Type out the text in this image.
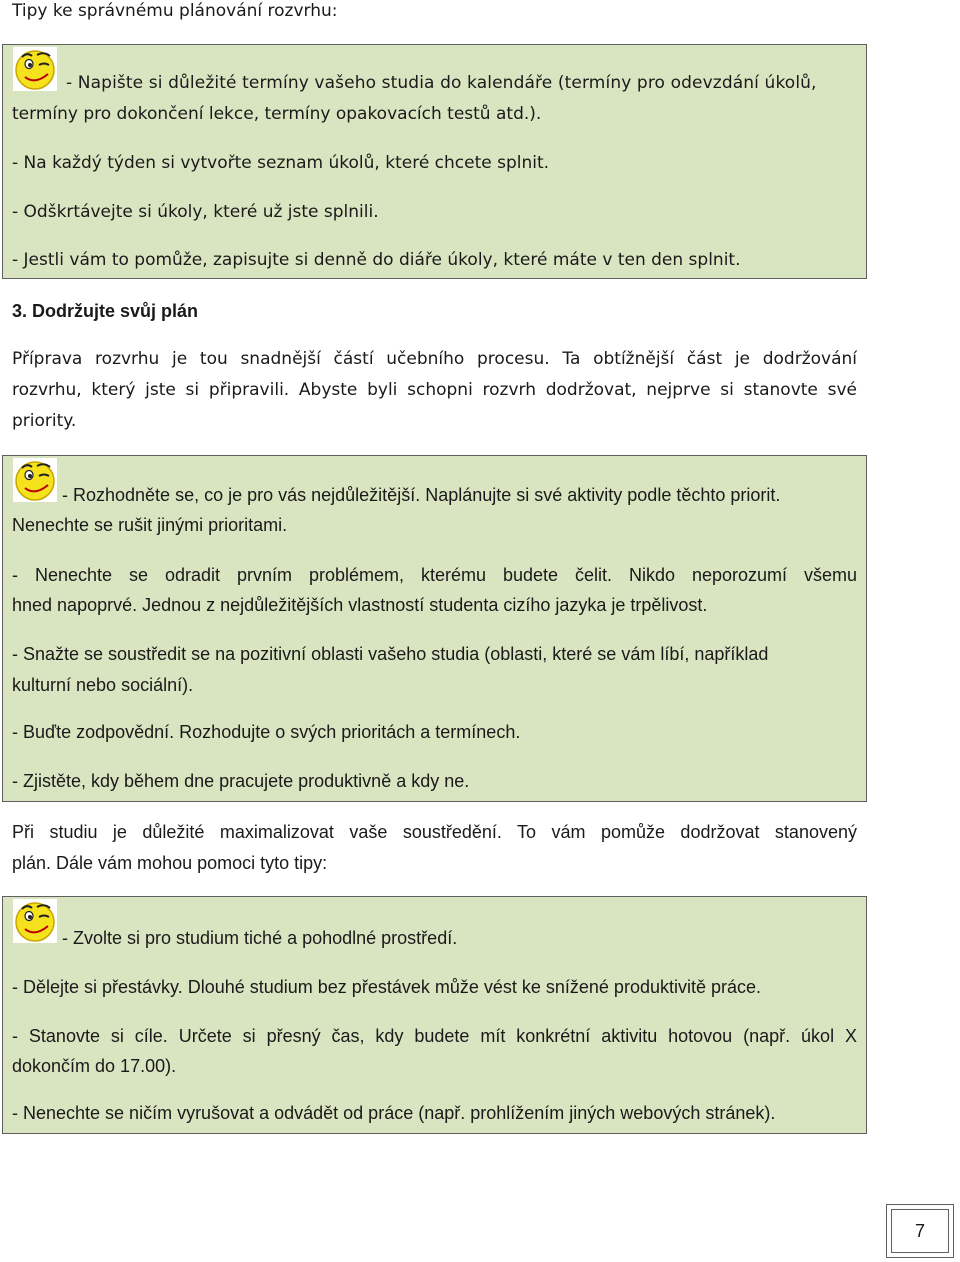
Tipy ke správnému plánování rozvrhu:
- Napište si důležité termíny vašeho studia do kalendáře (termíny pro odevzdání úkolů,
termíny pro dokončení lekce, termíny opakovacích testů atd.).
- Na každý týden si vytvořte seznam úkolů, které chcete splnit.
- Odškrtávejte si úkoly, které už jste splnili.
- Jestli vám to pomůže, zapisujte si denně do diáře úkoly, které máte v ten den splnit.
3. Dodržujte svůj plán
Příprava rozvrhu je tou snadnější částí učebního procesu. Ta obtížnější část je dodržování
rozvrhu, který jste si připravili. Abyste byli schopni rozvrh dodržovat, nejprve si stanovte své
priority.
- Rozhodněte se, co je pro vás nejdůležitější. Naplánujte si své aktivity podle těchto priorit.
Nenechte se rušit jinými prioritami.
- Nenechte se odradit prvním problémem, kterému budete čelit. Nikdo neporozumí všemu
hned napoprvé. Jednou z nejdůležitějších vlastností studenta cizího jazyka je trpělivost.
- Snažte se soustředit se na pozitivní oblasti vašeho studia (oblasti, které se vám líbí, například
kulturní nebo sociální).
- Buďte zodpovědní. Rozhodujte o svých prioritách a termínech.
- Zjistěte, kdy během dne pracujete produktivně a kdy ne.
Při studiu je důležité maximalizovat vaše soustředění. To vám pomůže dodržovat stanovený
plán. Dále vám mohou pomoci tyto tipy:
- Zvolte si pro studium tiché a pohodlné prostředí.
- Dělejte si přestávky. Dlouhé studium bez přestávek může vést ke snížené produktivitě práce.
- Stanovte si cíle. Určete si přesný čas, kdy budete mít konkrétní aktivitu hotovou (např. úkol X
dokončím do 17.00).
- Nenechte se ničím vyrušovat a odvádět od práce (např. prohlížením jiných webových stránek).
7
